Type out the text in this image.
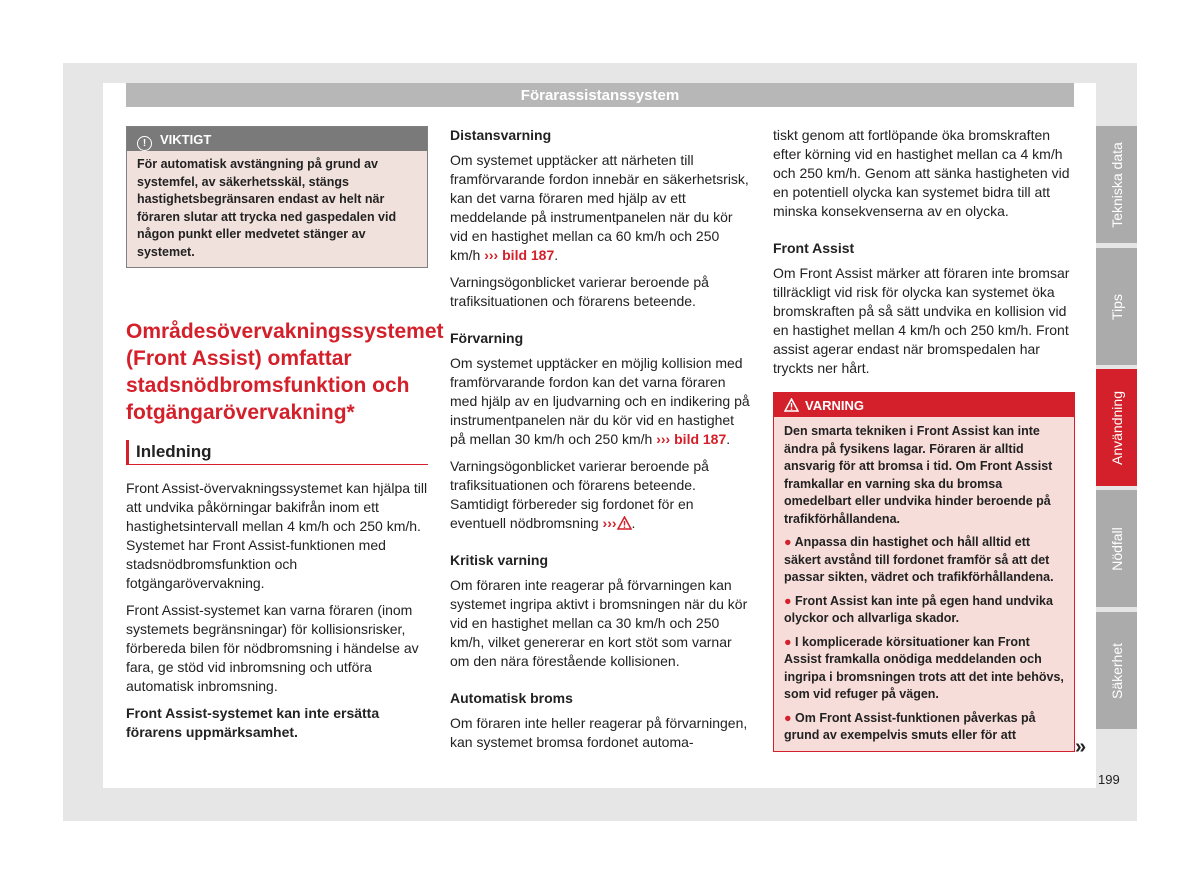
Förarassistanssystem
! VIKTIGT
För automatisk avstängning på grund av systemfel, av säkerhetsskäl, stängs hastighetsbegränsaren endast av helt när föraren slutar att trycka ned gaspedalen vid någon punkt eller medvetet stänger av systemet.
Områdesövervakningssystemet (Front Assist) omfattar stadsnödbromsfunktion och fotgängarövervakning*
Inledning

Front Assist-övervakningssystemet kan hjälpa till att undvika påkörningar bakifrån inom ett hastighetsintervall mellan 4 km/h och 250 km/h. Systemet har Front Assist-funktionen med stadsnödbromsfunktion och fotgängarövervakning.

Front Assist-systemet kan varna föraren (inom systemets begränsningar) för kollisionsrisker, förbereda bilen för nödbromsning i händelse av fara, ge stöd vid inbromsning och utföra automatisk inbromsning.

Front Assist-systemet kan inte ersätta förarens uppmärksamhet.

Distansvarning

Om systemet upptäcker att närheten till framförvarande fordon innebär en säkerhetsrisk, kan det varna föraren med hjälp av ett meddelande på instrumentpanelen när du kör vid en hastighet mellan ca 60 km/h och 250 km/h ››› bild 187.

Varningsögonblicket varierar beroende på trafiksituationen och förarens beteende.

Förvarning

Om systemet upptäcker en möjlig kollision med framförvarande fordon kan det varna föraren med hjälp av en ljudvarning och en indikering på instrumentpanelen när du kör vid en hastighet på mellan 30 km/h och 250 km/h ››› bild 187.

Varningsögonblicket varierar beroende på trafiksituationen och förarens beteende. Samtidigt förbereder sig fordonet för en eventuell nödbromsning ››› .

Kritisk varning

Om föraren inte reagerar på förvarningen kan systemet ingripa aktivt i bromsningen när du kör vid en hastighet mellan ca 30 km/h och 250 km/h, vilket genererar en kort stöt som varnar om den nära förestående kollisionen.

Automatisk broms

Om föraren inte heller reagerar på förvarningen, kan systemet bromsa fordonet automa-

tiskt genom att fortlöpande öka bromskraften efter körning vid en hastighet mellan ca 4 km/h och 250 km/h. Genom att sänka hastigheten vid en potentiell olycka kan systemet bidra till att minska konsekvenserna av en olycka.

Front Assist

Om Front Assist märker att föraren inte bromsar tillräckligt vid risk för olycka kan systemet öka bromskraften på så sätt undvika en kollision vid en hastighet mellan 4 km/h och 250 km/h. Front assist agerar endast när bromspedalen har tryckts ner hårt.

VARNING

Den smarta tekniken i Front Assist kan inte ändra på fysikens lagar. Föraren är alltid ansvarig för att bromsa i tid. Om Front Assist framkallar en varning ska du bromsa omedelbart eller undvika hinder beroende på trafikförhållandena.

● Anpassa din hastighet och håll alltid ett säkert avstånd till fordonet framför så att det passar sikten, vädret och trafikförhållandena.

● Front Assist kan inte på egen hand undvika olyckor och allvarliga skador.

● I komplicerade körsituationer kan Front Assist framkalla onödiga meddelanden och ingripa i bromsningen trots att det inte behövs, som vid refuger på vägen.

● Om Front Assist-funktionen påverkas på grund av exempelvis smuts eller för att

»
Tekniska data
Tips
Användning
Nödfall
Säkerhet
199
